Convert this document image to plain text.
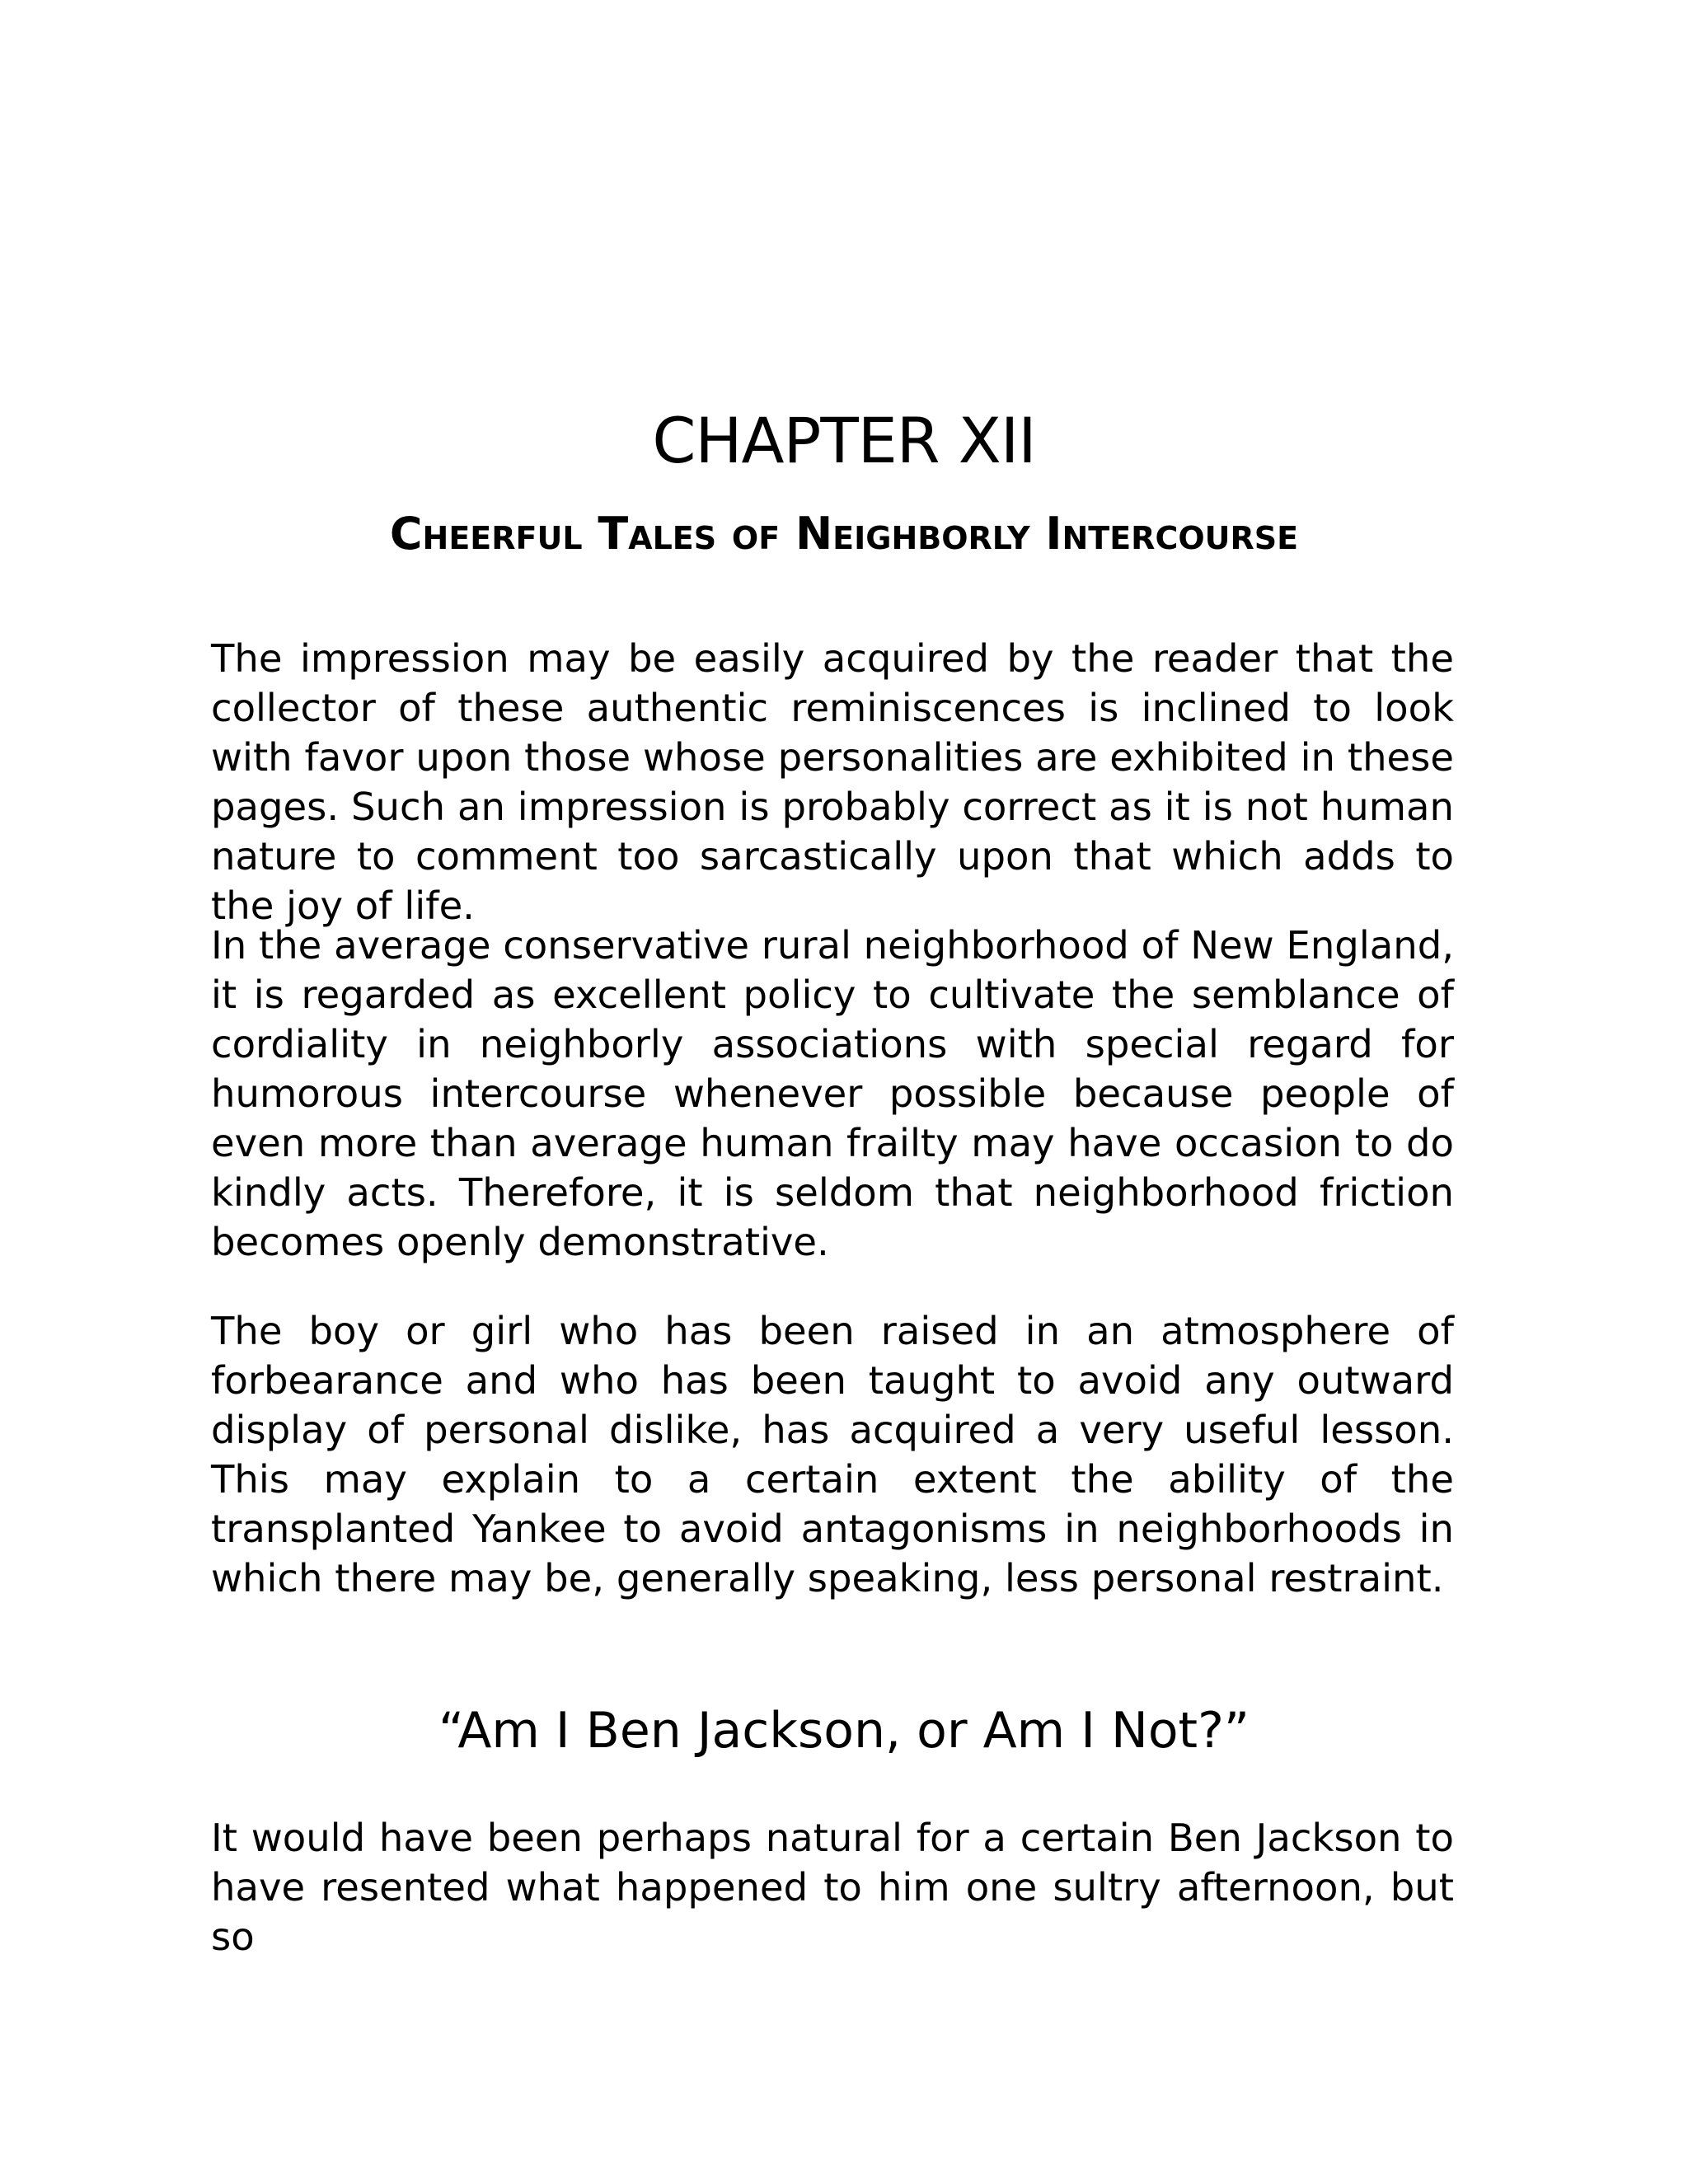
CHAPTER XII
Cheerful Tales of Neighborly Intercourse

The impression may be easily acquired by the reader that the collector of these authentic reminiscences is inclined to look with favor upon those whose personalities are exhibited in these pages. Such an impression is probably correct as it is not human nature to comment too sarcastically upon that which adds to the joy of life.

In the average conservative rural neighborhood of New England, it is regarded as excellent policy to cultivate the semblance of cordiality in neighborly associations with special regard for humorous intercourse whenever possible because people of even more than average human frailty may have occasion to do kindly acts. Therefore, it is seldom that neighborhood friction becomes openly demonstrative.

The boy or girl who has been raised in an atmosphere of forbearance and who has been taught to avoid any outward display of personal dislike, has acquired a very useful lesson. This may explain to a certain extent the ability of the transplanted Yankee to avoid antagonisms in neighborhoods in which there may be, generally speaking, less personal restraint.

“Am I Ben Jackson, or Am I Not?”

It would have been perhaps natural for a certain Ben Jackson to have resented what happened to him one sultry afternoon, but so
